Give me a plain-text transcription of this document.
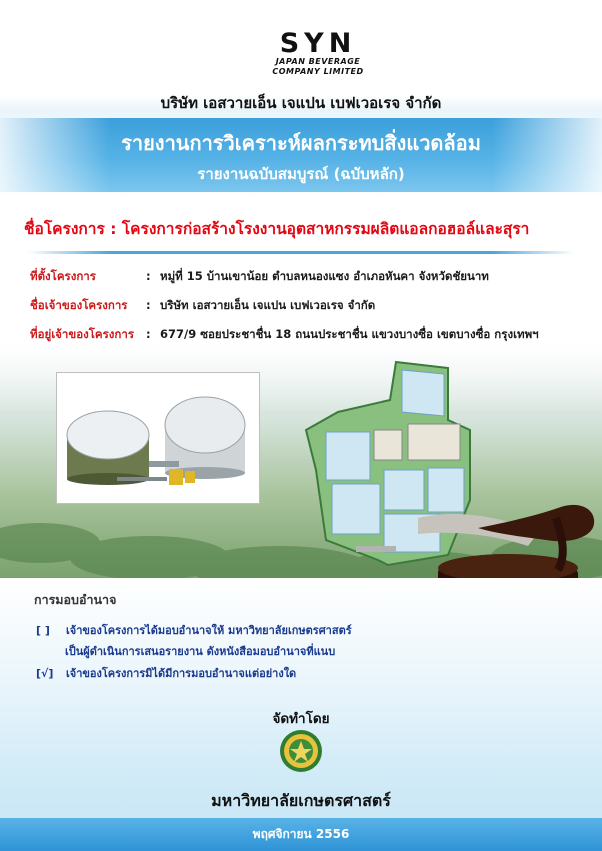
SYN
JAPAN BEVERAGE
COMPANY LIMITED
บริษัท เอสวายเอ็น เจแปน เบฟเวอเรจ จำกัด
รายงานการวิเคราะห์ผลกระทบสิ่งแวดล้อม
รายงานฉบับสมบูรณ์ (ฉบับหลัก)
ชื่อโครงการ : โครงการก่อสร้างโรงงานอุตสาหกรรมผลิตแอลกอฮอล์และสุรา
ที่ตั้งโครงการ	: หมู่ที่ 15 บ้านเขาน้อย ตำบลหนองแซง อำเภอหันคา จังหวัดชัยนาท
ชื่อเจ้าของโครงการ : บริษัท เอสวายเอ็น เจแปน เบฟเวอเรจ จำกัด
ที่อยู่เจ้าของโครงการ : 677/9 ซอยประชาชื่น 18 ถนนประชาชื่น แขวงบางซื่อ เขตบางซื่อ กรุงเทพฯ
การมอบอำนาจ
[ ] เจ้าของโครงการได้มอบอำนาจให้ มหาวิทยาลัยเกษตรศาสตร์
เป็นผู้ดำเนินการเสนอรายงาน ดังหนังสือมอบอำนาจที่แนบ
[√] เจ้าของโครงการมิได้มีการมอบอำนาจแต่อย่างใด
จัดทำโดย
มหาวิทยาลัยเกษตรศาสตร์
พฤศจิกายน 2556
